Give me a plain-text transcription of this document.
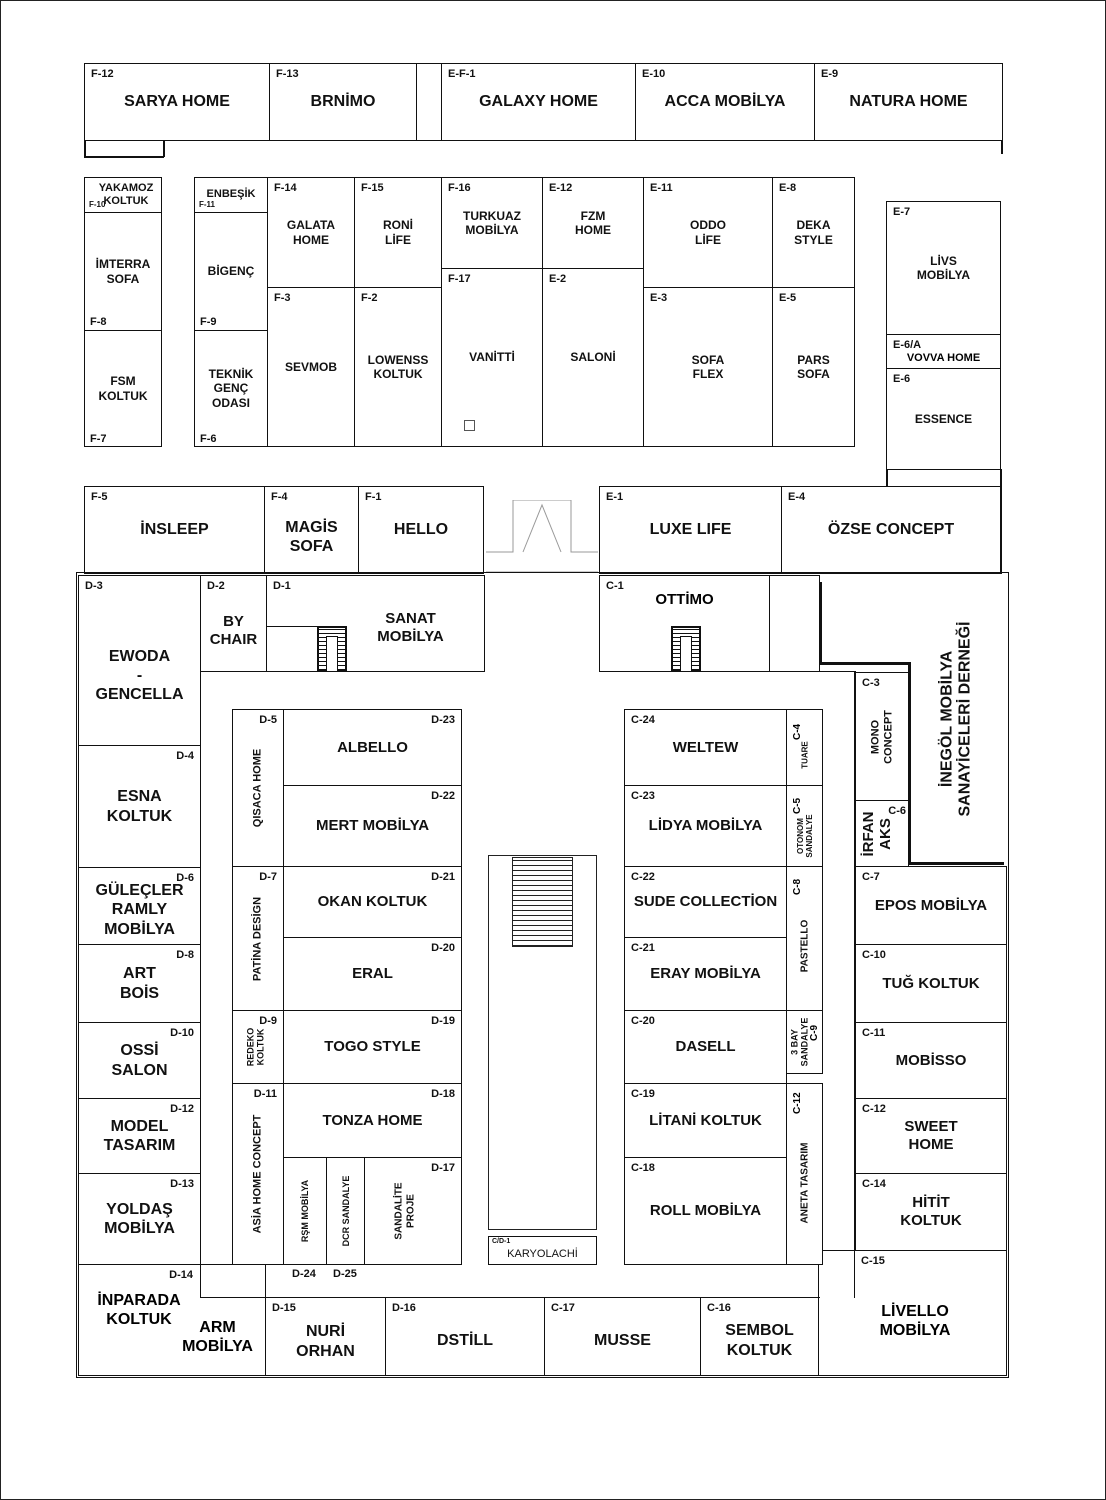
F-12
SARYA HOME
F-13
BRNİMO
E-F-1
GALAXY HOME
E-10
ACCA MOBİLYA
E-9
NATURA HOME
YAKAMOZ
KOLTUK
F-10
İMTERRA
SOFA
FSM
KOLTUK
F-8
F-7
ENBEŞİK
F-11
BİGENÇ
TEKNİK
GENÇ
ODASI
F-9
F-6
F-14
GALATA
HOME
F-15
RONİ
LİFE
F-16
TURKUAZ
MOBİLYA
E-12
FZM
HOME
E-11
ODDO
LİFE
E-8
DEKA
STYLE
F-3
SEVMOB
F-2
LOWENSS
KOLTUK
F-17
VANİTTİ
E-2
SALONİ
E-3
SOFA
FLEX
E-5
PARS
SOFA
E-7
LİVS
MOBİLYA
E-6/A
VOVVA HOME
E-6
ESSENCE
F-5
İNSLEEP
F-4
MAGİS
SOFA
F-1
HELLO
E-1
LUXE LIFE
E-4
ÖZSE CONCEPT
D-3
EWODA
-
GENCELLA
D-2
BY
CHAIR
D-1
SANAT
MOBİLYA
C-1
OTTİMO
İNEGÖL MOBİLYA
SANAYİCELERİ DERNEĞİ
D-4
ESNA
KOLTUK
D-6
GÜLEÇLER
RAMLY
MOBİLYA
D-8
ART
BOİS
D-10
OSSİ
SALON
D-12
MODEL
TASARIM
D-13
YOLDAŞ
MOBİLYA
D-14
İNPARADA
KOLTUK	ARM
MOBİLYA
D-15
NURİ
ORHAN
D-16
DSTİLL
C-17
MUSSE
C-16
SEMBOL
KOLTUK
C-15
LİVELLO
MOBİLYA
C-3
MONO
CONCEPT
C-6
İRFAN
AKS
C-7
EPOS MOBİLYA
C-10
TUĞ KOLTUK
C-11
MOBİSSO
C-12
SWEET
HOME
C-14
HİTİT
KOLTUK
D-5
QISACA HOME
D-23
ALBELLO
D-22
MERT MOBİLYA
D-7
PATİNA DESİGN
D-21
OKAN KOLTUK
D-20
ERAL
D-9
REDEKO
KOLTUK
D-19
TOGO STYLE
D-11
ASİA HOME CONCEPT
D-18
TONZA HOME
RŞM MOBİLYA	DCR SANDALYE
D-17
SANDALİTE
PROJE
D-24 D-25
C/D-1
KARYOLACHİ
C-24
WELTEW
C-4
TUARE
C-23
LİDYA MOBİLYA
C-5
OTONOM
SANDALYE
C-22
SUDE COLLECTİON
C-8
PASTELLO
C-21
ERAY MOBİLYA
C-20
DASELL
C-9
3 BAY
SANDALYE
C-19
LİTANİ KOLTUK
C-12
ANETA TASARIM
C-18
ROLL MOBİLYA
